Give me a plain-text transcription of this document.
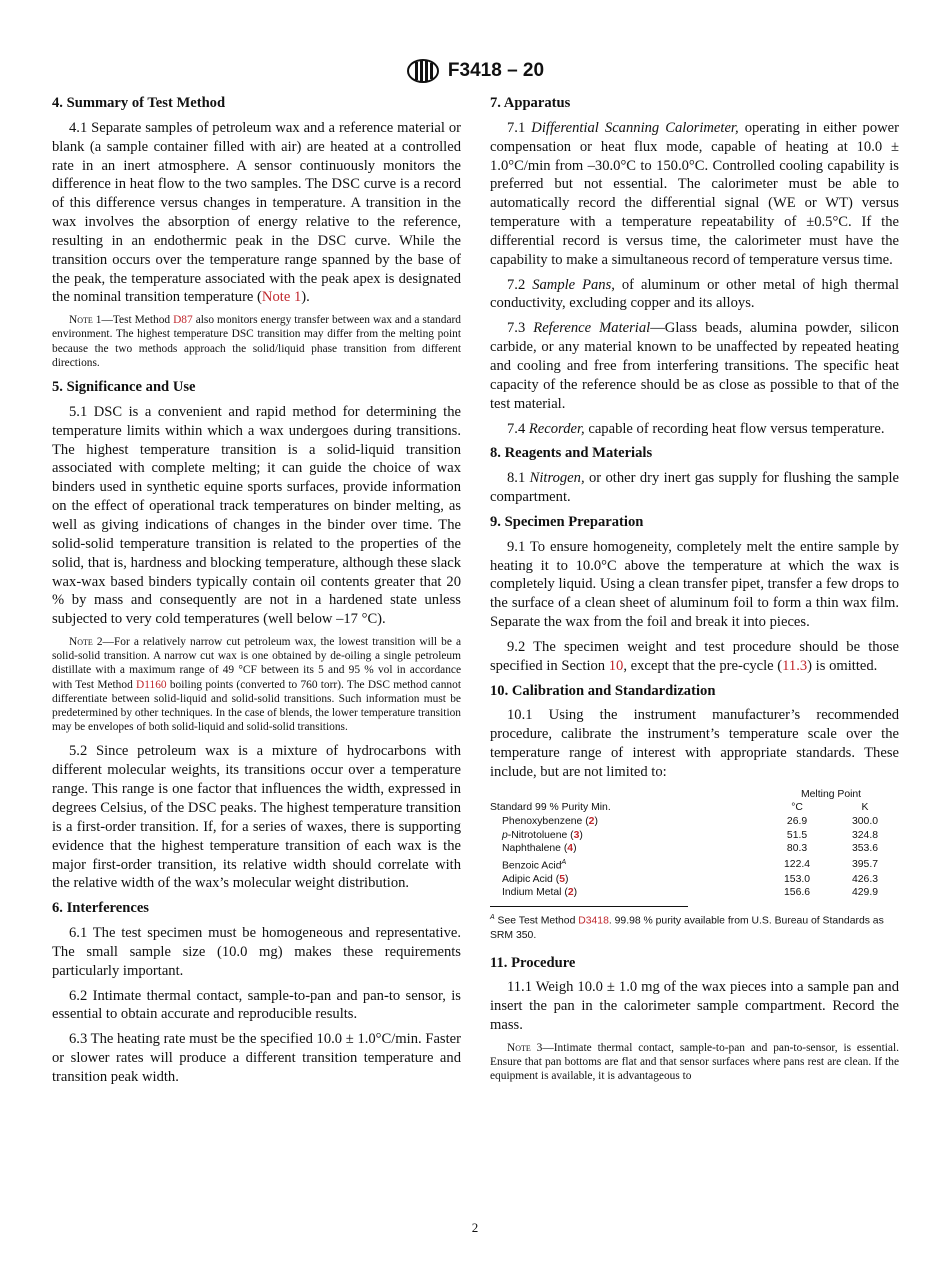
F3418 – 20
4. Summary of Test Method

4.1 Separate samples of petroleum wax and a reference material or blank (a sample container filled with air) are heated at a controlled rate in an inert atmosphere. A sensor continuously monitors the difference in heat flow to the two samples. The DSC curve is a record of this difference versus changes in temperature. A transition in the wax involves the absorption of energy relative to the reference, resulting in an endothermic peak in the DSC curve. While the transition occurs over the temperature range spanned by the base of the peak, the temperature associated with the peak apex is designated the nominal transition temperature (Note 1).

Note 1—Test Method D87 also monitors energy transfer between wax and a standard environment. The highest temperature DSC transition may differ from the melting point because the two methods approach the solid/liquid phase transition from different directions.

5. Significance and Use

5.1 DSC is a convenient and rapid method for determining the temperature limits within which a wax undergoes during transitions. The highest temperature transition is a solid-liquid transition associated with complete melting; it can guide the choice of wax binders used in synthetic equine sports surfaces, provide information on the effect of operational track temperatures on binder melting, as well as giving indications of changes in the binder over time. The solid-solid temperature transition is related to the properties of the solid, that is, hardness and blocking temperature, although these slack wax-wax based binders typically contain oil contents greater that 20 % by mass and consequently are not in a hardened state unless subjected to very cold temperatures (well below –17 °C).

Note 2—For a relatively narrow cut petroleum wax, the lowest transition will be a solid-solid transition. A narrow cut wax is one obtained by de-oiling a single petroleum distillate with a maximum range of 49 °CF between its 5 and 95 % vol in accordance with Test Method D1160 boiling points (converted to 760 torr). The DSC method cannot differentiate between solid-liquid and solid-solid transitions. Such information must be predetermined by other techniques. In the case of blends, the lower temperature transition may be envelopes of both solid-liquid and solid-solid transitions.

5.2 Since petroleum wax is a mixture of hydrocarbons with different molecular weights, its transitions occur over a temperature range. This range is one factor that influences the width, expressed in degrees Celsius, of the DSC peaks. The highest temperature transition is a first-order transition. If, for a series of waxes, there is supporting evidence that the highest temperature transition of each wax is the major first-order transition, its relative width should correlate with the relative width of the wax’s molecular weight distribution.

6. Interferences

6.1 The test specimen must be homogeneous and representative. The small sample size (10.0 mg) makes these requirements particularly important.

6.2 Intimate thermal contact, sample-to-pan and pan-to sensor, is essential to obtain accurate and reproducible results.

6.3 The heating rate must be the specified 10.0 ± 1.0°C/min. Faster or slower rates will produce a different transition temperature and transition peak width.

7. Apparatus

7.1 Differential Scanning Calorimeter, operating in either power compensation or heat flux mode, capable of heating at 10.0 ± 1.0°C/min from –30.0°C to 150.0°C. Controlled cooling capability is preferred but not essential. The calorimeter must be able to automatically record the differential signal (WE or WT) versus temperature with a temperature repeatability of ±0.5°C. If the differential record is versus time, the calorimeter must have the capability to make a simultaneous record of temperature versus time.

7.2 Sample Pans, of aluminum or other metal of high thermal conductivity, excluding copper and its alloys.

7.3 Reference Material—Glass beads, alumina powder, silicon carbide, or any material known to be unaffected by repeated heating and cooling and free from interfering transitions. The specific heat capacity of the reference should be as close as possible to that of the test material.

7.4 Recorder, capable of recording heat flow versus temperature.

8. Reagents and Materials

8.1 Nitrogen, or other dry inert gas supply for flushing the sample compartment.

9. Specimen Preparation

9.1 To ensure homogeneity, completely melt the entire sample by heating it to 10.0°C above the temperature at which the wax is completely liquid. Using a clean transfer pipet, transfer a few drops to the surface of a clean sheet of aluminum foil to form a thin wax film. Separate the wax from the foil and break it into pieces.

9.2 The specimen weight and test procedure should be those specified in Section 10, except that the pre-cycle (11.3) is omitted.

10. Calibration and Standardization

10.1 Using the instrument manufacturer’s recommended procedure, calibrate the instrument’s temperature scale over the temperature range of interest with appropriate standards. These include, but are not limited to:

	Melting Point	
Standard 99 % Purity Min.	°C	K
Phenoxybenzene (2)	26.9	300.0
p-Nitrotoluene (3)	51.5	324.8
Naphthalene (4)	80.3	353.6
Benzoic Acid$^A$	122.4	395.7
Adipic Acid (5)	153.0	426.3
Indium Metal (2)	156.6	429.9
$^A$ See Test Method D3418. 99.98 % purity available from U.S. Bureau of Standards as SRM 350.
11. Procedure

11.1 Weigh 10.0 ± 1.0 mg of the wax pieces into a sample pan and insert the pan in the calorimeter sample compartment. Record the mass.

Note 3—Intimate thermal contact, sample-to-pan and pan-to-sensor, is essential. Ensure that pan bottoms are flat and that sensor surfaces where pans rest are clean. If the equipment is available, it is advantageous to

2
